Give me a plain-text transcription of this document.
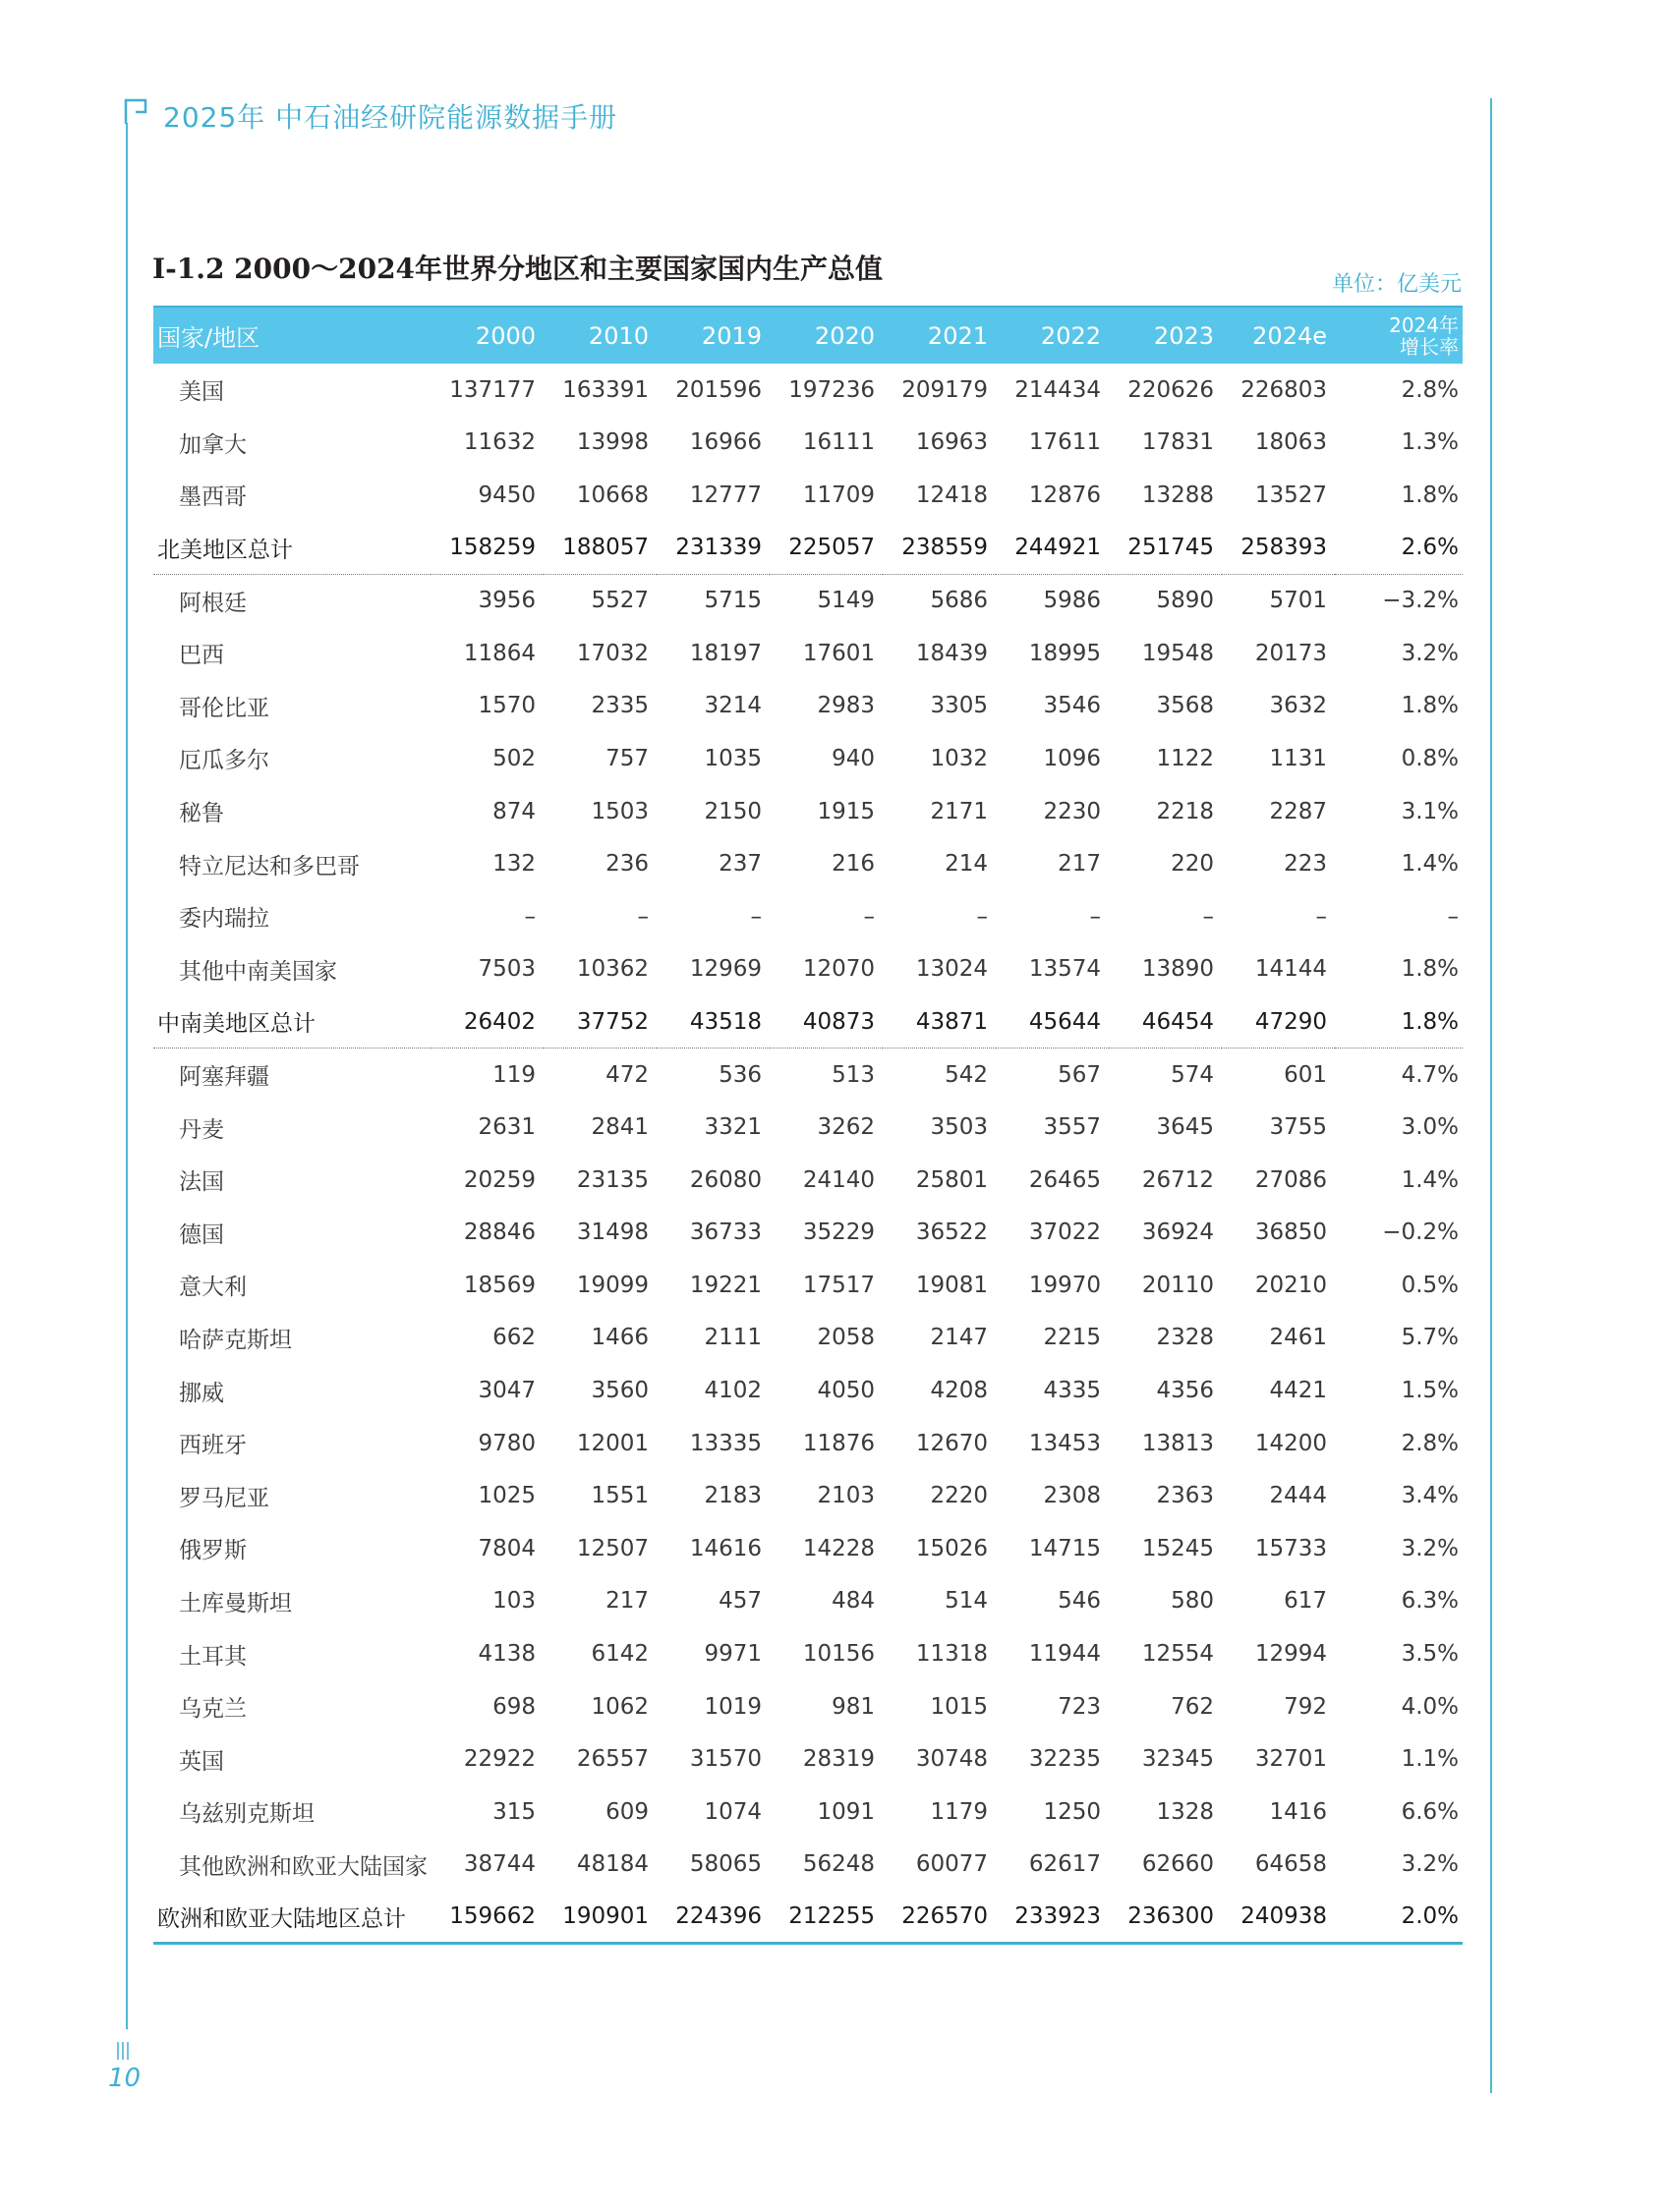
2025年 中石油经研院能源数据手册
I-1.2 2000～2024年世界分地区和主要国家国内生产总值	单位：亿美元
国家/地区	2000	2010	2019	2020	2021	2022	2023	2024e	2024年
增长率

美国	137177	163391	201596	197236	209179	214434	220626	226803	2.8%
加拿大	11632	13998	16966	16111	16963	17611	17831	18063	1.3%
墨西哥	9450	10668	12777	11709	12418	12876	13288	13527	1.8%
北美地区总计	158259	188057	231339	225057	238559	244921	251745	258393	2.6%
阿根廷	3956	5527	5715	5149	5686	5986	5890	5701	−3.2%
巴西	11864	17032	18197	17601	18439	18995	19548	20173	3.2%
哥伦比亚	1570	2335	3214	2983	3305	3546	3568	3632	1.8%
厄瓜多尔	502	757	1035	940	1032	1096	1122	1131	0.8%
秘鲁	874	1503	2150	1915	2171	2230	2218	2287	3.1%
特立尼达和多巴哥	132	236	237	216	214	217	220	223	1.4%
委内瑞拉	–	–	–	–	–	–	–	–	–
其他中南美国家	7503	10362	12969	12070	13024	13574	13890	14144	1.8%
中南美地区总计	26402	37752	43518	40873	43871	45644	46454	47290	1.8%
阿塞拜疆	119	472	536	513	542	567	574	601	4.7%
丹麦	2631	2841	3321	3262	3503	3557	3645	3755	3.0%
法国	20259	23135	26080	24140	25801	26465	26712	27086	1.4%
德国	28846	31498	36733	35229	36522	37022	36924	36850	−0.2%
意大利	18569	19099	19221	17517	19081	19970	20110	20210	0.5%
哈萨克斯坦	662	1466	2111	2058	2147	2215	2328	2461	5.7%
挪威	3047	3560	4102	4050	4208	4335	4356	4421	1.5%
西班牙	9780	12001	13335	11876	12670	13453	13813	14200	2.8%
罗马尼亚	1025	1551	2183	2103	2220	2308	2363	2444	3.4%
俄罗斯	7804	12507	14616	14228	15026	14715	15245	15733	3.2%
土库曼斯坦	103	217	457	484	514	546	580	617	6.3%
土耳其	4138	6142	9971	10156	11318	11944	12554	12994	3.5%
乌克兰	698	1062	1019	981	1015	723	762	792	4.0%
英国	22922	26557	31570	28319	30748	32235	32345	32701	1.1%
乌兹别克斯坦	315	609	1074	1091	1179	1250	1328	1416	6.6%
其他欧洲和欧亚大陆国家	38744	48184	58065	56248	60077	62617	62660	64658	3.2%
欧洲和欧亚大陆地区总计	159662	190901	224396	212255	226570	233923	236300	240938	2.0%
10
